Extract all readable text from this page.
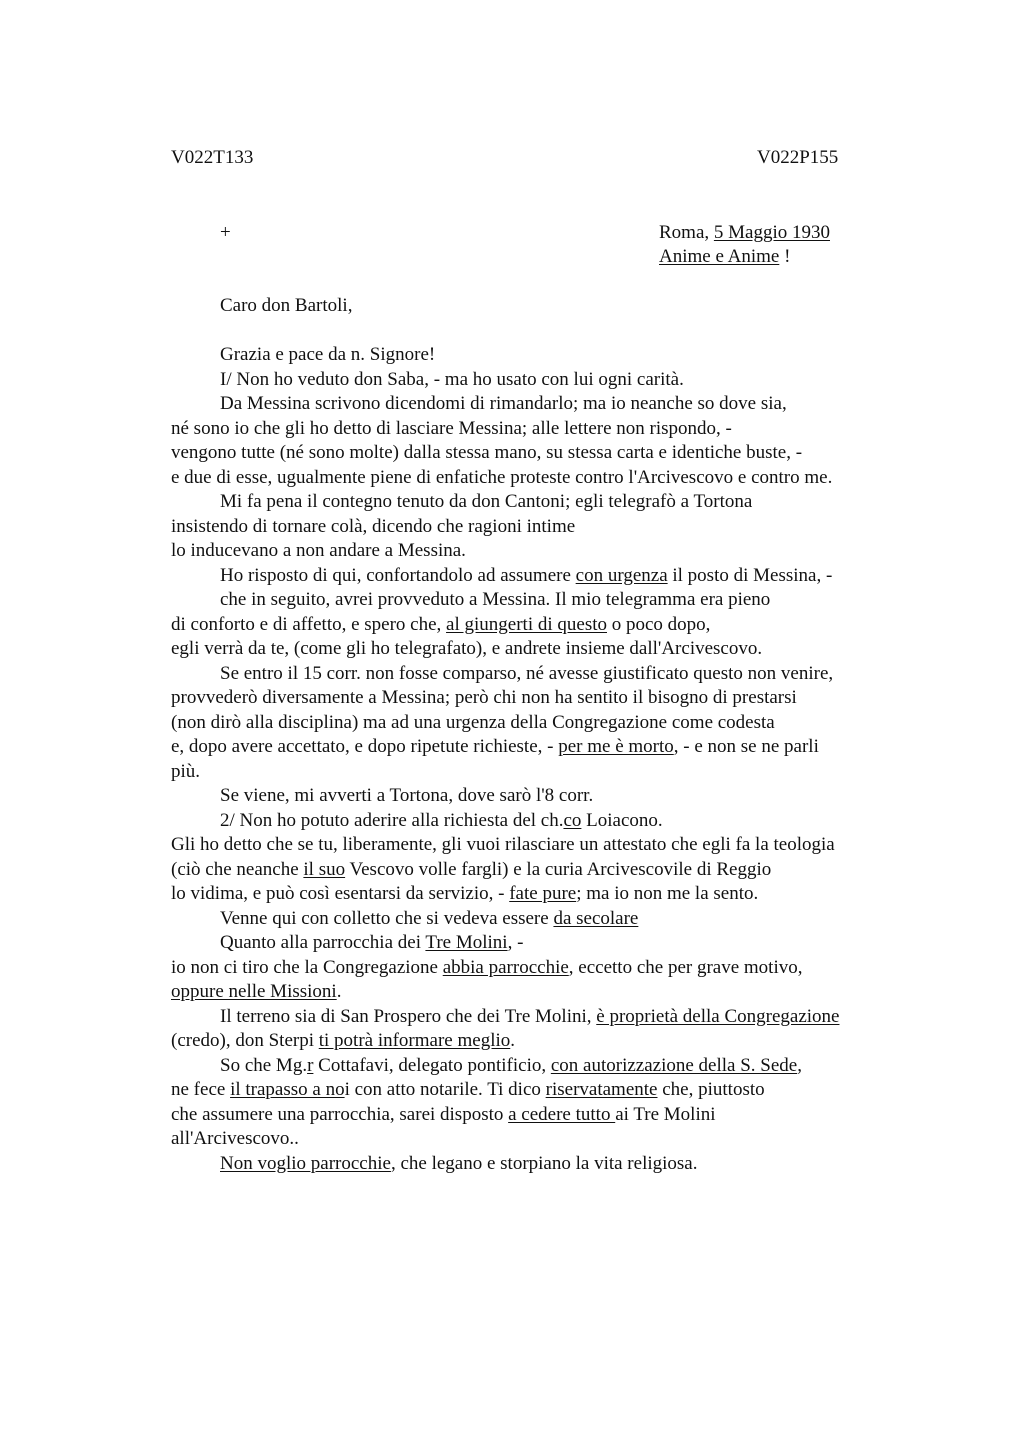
V022T133	V022P155
+	Roma, 5 Maggio 1930
Anime e Anime !
Caro don Bartoli,
Grazia e pace da n. Signore!
I/ Non ho veduto don Saba, - ma ho usato con lui ogni carità.
Da Messina scrivono dicendomi di rimandarlo; ma io neanche so dove sia,
né sono io che gli ho detto di lasciare Messina; alle lettere non rispondo, -
vengono tutte (né sono molte) dalla stessa mano, su stessa carta e identiche buste, -
e due di esse, ugualmente piene di enfatiche proteste contro l'Arcivescovo e contro me.
Mi fa pena il contegno tenuto da don Cantoni; egli telegrafò a Tortona
insistendo di tornare colà, dicendo che ragioni intime
lo inducevano a non andare a Messina.
Ho risposto di qui, confortandolo ad assumere con urgenza il posto di Messina, -
che in seguito, avrei provveduto a Messina. Il mio telegramma era pieno
di conforto e di affetto, e spero che, al giungerti di questo o poco dopo,
egli verrà da te, (come gli ho telegrafato), e andrete insieme dall'Arcivescovo.
Se entro il 15 corr. non fosse comparso, né avesse giustificato questo non venire,
provvederò diversamente a Messina; però chi non ha sentito il bisogno di prestarsi
(non dirò alla disciplina) ma ad una urgenza della Congregazione come codesta
e, dopo avere accettato, e dopo ripetute richieste, - per me è morto, - e non se ne parli
più.
Se viene, mi avverti a Tortona, dove sarò l'8 corr.
2/ Non ho potuto aderire alla richiesta del ch.co Loiacono.
Gli ho detto che se tu, liberamente, gli vuoi rilasciare un attestato che egli fa la teologia
(ciò che neanche il suo Vescovo volle fargli) e la curia Arcivescovile di Reggio
lo vidima, e può così esentarsi da servizio, - fate pure; ma io non me la sento.
Venne qui con colletto che si vedeva essere da secolare
Quanto alla parrocchia dei Tre Molini, -
io non ci tiro che la Congregazione abbia parrocchie, eccetto che per grave motivo,
oppure nelle Missioni.
Il terreno sia di San Prospero che dei Tre Molini, è proprietà della Congregazione
(credo), don Sterpi ti potrà informare meglio.
So che Mg.r Cottafavi, delegato pontificio, con autorizzazione della S. Sede,
ne fece il trapasso a noi con atto notarile. Ti dico riservatamente che, piuttosto
che assumere una parrocchia, sarei disposto a cedere tutto ai Tre Molini
all'Arcivescovo..
Non voglio parrocchie, che legano e storpiano la vita religiosa.
